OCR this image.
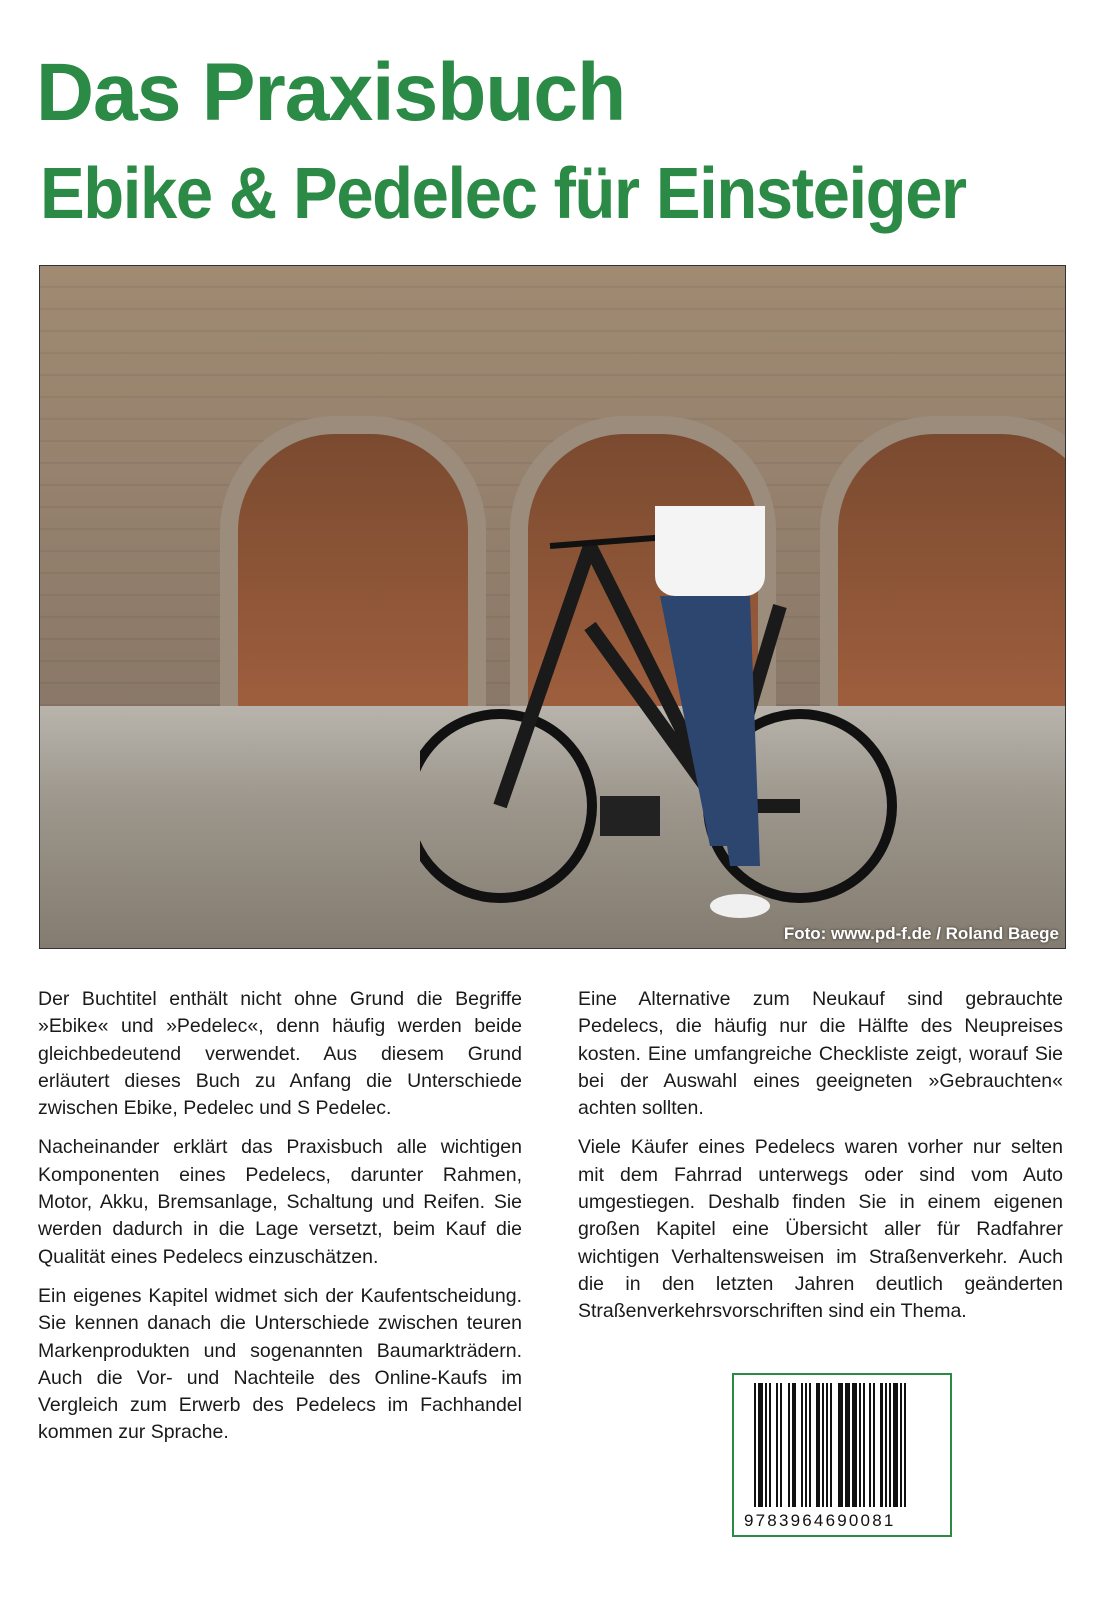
Das Praxisbuch
Ebike & Pedelec für Einsteiger
Foto: www.pd-f.de / Roland Baege

Der Buchtitel enthält nicht ohne Grund die Begriffe »Ebike« und »Pedelec«, denn häufig werden beide gleichbedeutend verwendet. Aus diesem Grund erläutert dieses Buch zu Anfang die Unterschiede zwischen Ebike, Pedelec und S Pedelec.

Nacheinander erklärt das Praxisbuch alle wichtigen Komponenten eines Pedelecs, darunter Rahmen, Motor, Akku, Bremsanlage, Schaltung und Reifen. Sie werden dadurch in die Lage versetzt, beim Kauf die Qualität eines Pedelecs einzuschätzen.

Ein eigenes Kapitel widmet sich der Kaufentscheidung. Sie kennen danach die Unterschiede zwischen teuren Markenprodukten und sogenannten Baumarkträdern. Auch die Vor- und Nachteile des Online-Kaufs im Vergleich zum Erwerb des Pedelecs im Fachhandel kommen zur Sprache.

Eine Alternative zum Neukauf sind gebrauchte Pedelecs, die häufig nur die Hälfte des Neupreises kosten. Eine umfangreiche Checkliste zeigt, worauf Sie bei der Auswahl eines geeigneten »Gebrauchten« achten sollten.

Viele Käufer eines Pedelecs waren vorher nur selten mit dem Fahrrad unterwegs oder sind vom Auto umgestiegen. Deshalb finden Sie in einem eigenen großen Kapitel eine Übersicht aller für Radfahrer wichtigen Verhaltensweisen im Straßenverkehr. Auch die in den letzten Jahren deutlich geänderten Straßenverkehrsvorschriften sind ein Thema.

9783964690081
